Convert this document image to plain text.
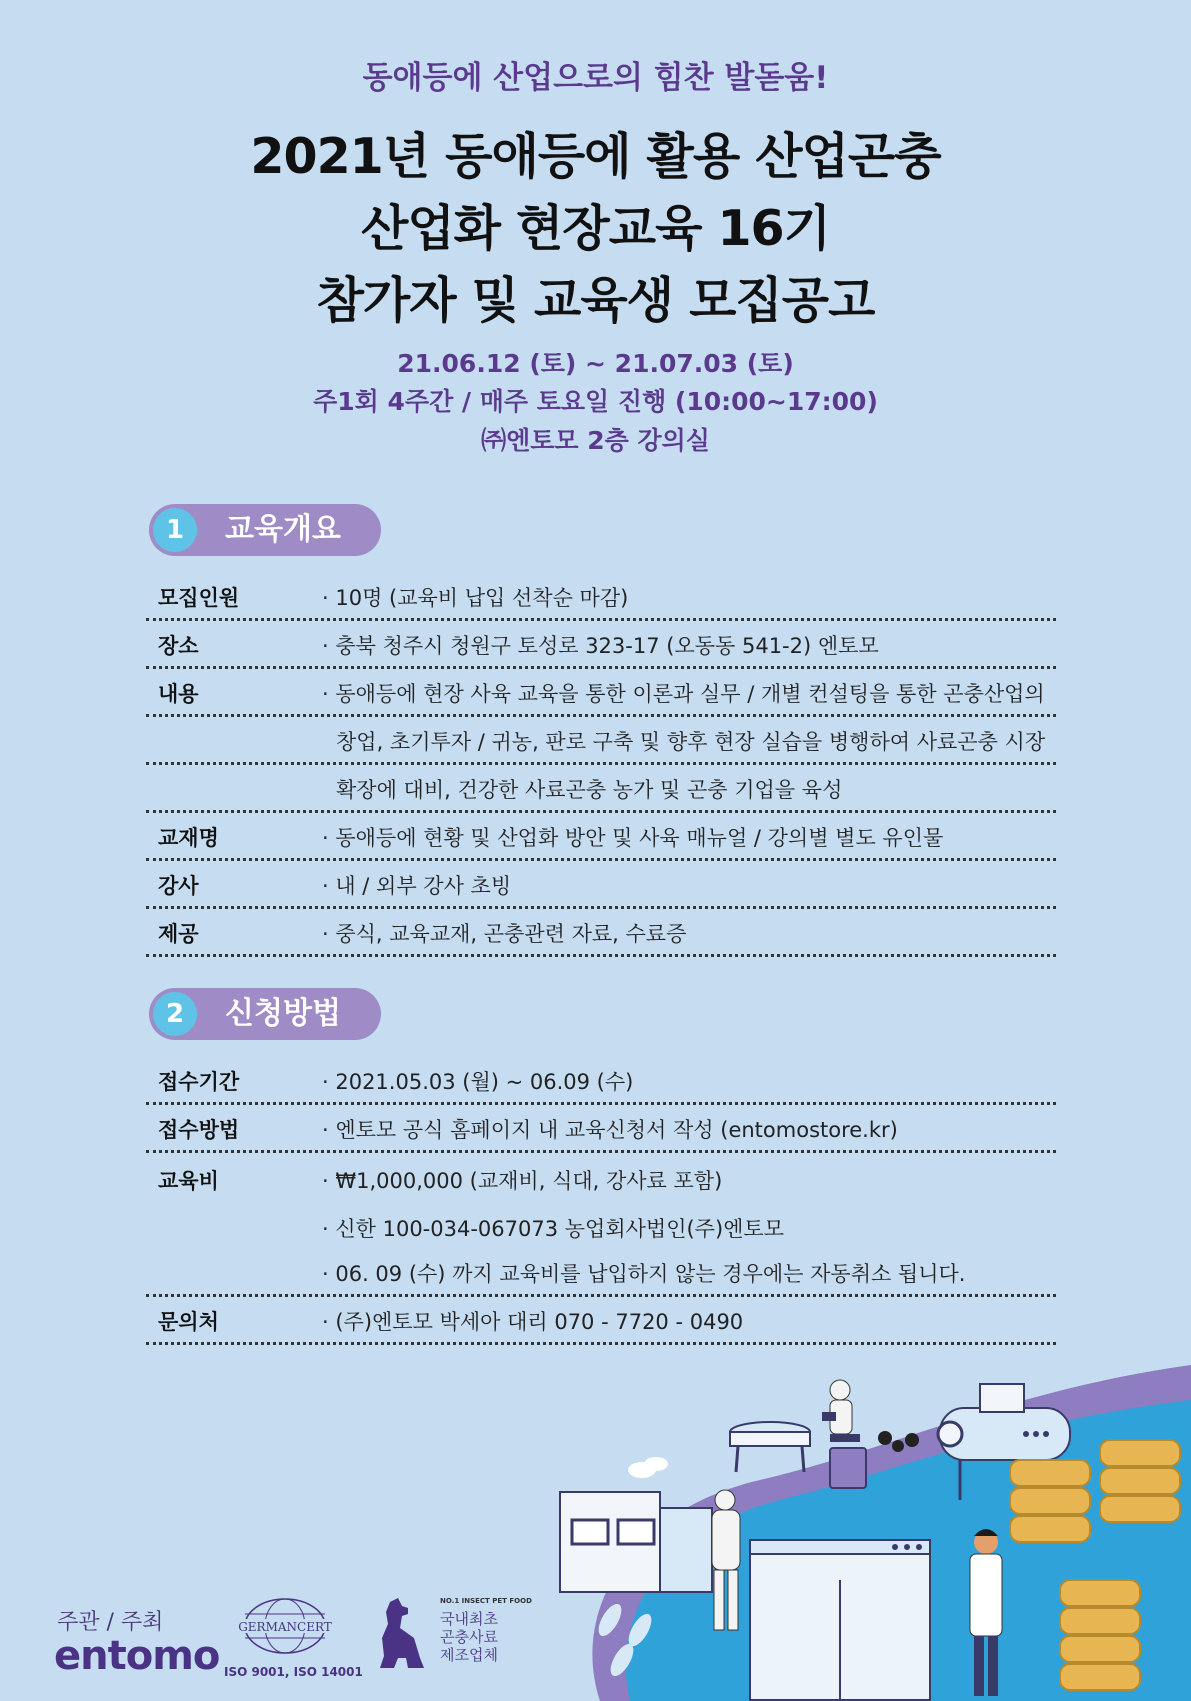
동애등에 산업으로의 힘찬 발돋움!
2021년 동애등에 활용 산업곤충
산업화 현장교육 16기
참가자 및 교육생 모집공고
21.06.12 (토) ~ 21.07.03 (토)
주1회 4주간 / 매주 토요일 진행 (10:00~17:00)
㈜엔토모 2층 강의실
1	교육개요
모집인원	· 10명 (교육비 납입 선착순 마감)
장소	· 충북 청주시 청원구 토성로 323-17 (오동동 541-2) 엔토모
내용	· 동애등에 현장 사육 교육을 통한 이론과 실무 / 개별 컨설팅을 통한 곤충산업의
창업, 초기투자 / 귀농, 판로 구축 및 향후 현장 실습을 병행하여 사료곤충 시장
확장에 대비, 건강한 사료곤충 농가 및 곤충 기업을 육성
교재명	· 동애등에 현황 및 산업화 방안 및 사육 매뉴얼 / 강의별 별도 유인물
강사	· 내 / 외부 강사 초빙
제공	· 중식, 교육교재, 곤충관련 자료, 수료증
2	신청방법
접수기간	· 2021.05.03 (월) ~ 06.09 (수)
접수방법	· 엔토모 공식 홈페이지 내 교육신청서 작성 (entomostore.kr)
교육비	· ₩1,000,000 (교재비, 식대, 강사료 포함)
· 신한 100-034-067073 농업회사법인(주)엔토모
· 06. 09 (수) 까지 교육비를 납입하지 않는 경우에는 자동취소 됩니다.
문의처	· (주)엔토모 박세아 대리 070 - 7720 - 0490
주관 / 주최
entomo
GERMANCERT
ISO 9001, ISO 14001
NO.1 INSECT PET FOOD
국내최초
곤충사료
제조업체
